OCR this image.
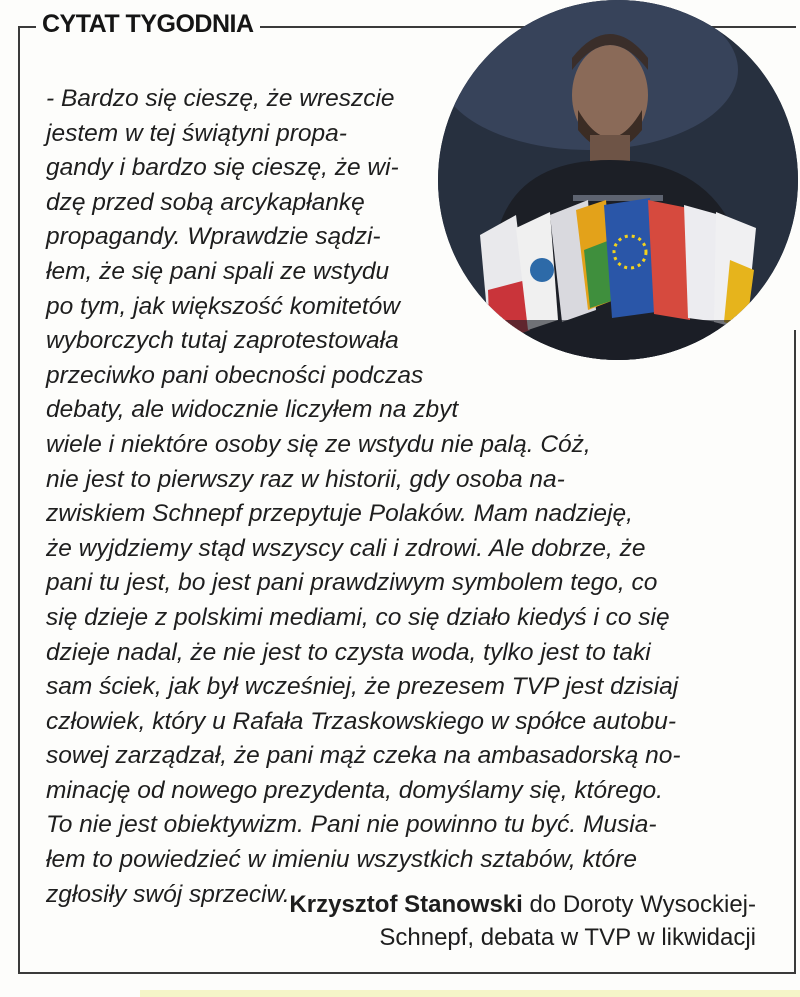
CYTAT TYGODNIA
- Bardzo się cieszę, że wreszcie
jestem w tej świątyni propa-
gandy i bardzo się cieszę, że wi-
dzę przed sobą arcykapłankę
propagandy. Wprawdzie sądzi-
łem, że się pani spali ze wstydu
po tym, jak większość komitetów
wyborczych tutaj zaprotestowała
przeciwko pani obecności podczas
debaty, ale widocznie liczyłem na zbyt
wiele i niektóre osoby się ze wstydu nie palą. Cóż,
nie jest to pierwszy raz w historii, gdy osoba na-
zwiskiem Schnepf przepytuje Polaków. Mam nadzieję,
że wyjdziemy stąd wszyscy cali i zdrowi. Ale dobrze, że
pani tu jest, bo jest pani prawdziwym symbolem tego, co
się dzieje z polskimi mediami, co się działo kiedyś i co się
dzieje nadal, że nie jest to czysta woda, tylko jest to taki
sam ściek, jak był wcześniej, że prezesem TVP jest dzisiaj
człowiek, który u Rafała Trzaskowskiego w spółce autobu-
sowej zarządzał, że pani mąż czeka na ambasadorską no-
minację od nowego prezydenta, domyślamy się, którego.
To nie jest obiektywizm. Pani nie powinno tu być. Musia-
łem to powiedzieć w imieniu wszystkich sztabów, które
zgłosiły swój sprzeciw. Krzysztof Stanowski do Doroty Wysockiej-
Schnepf, debata w TVP w likwidacji
